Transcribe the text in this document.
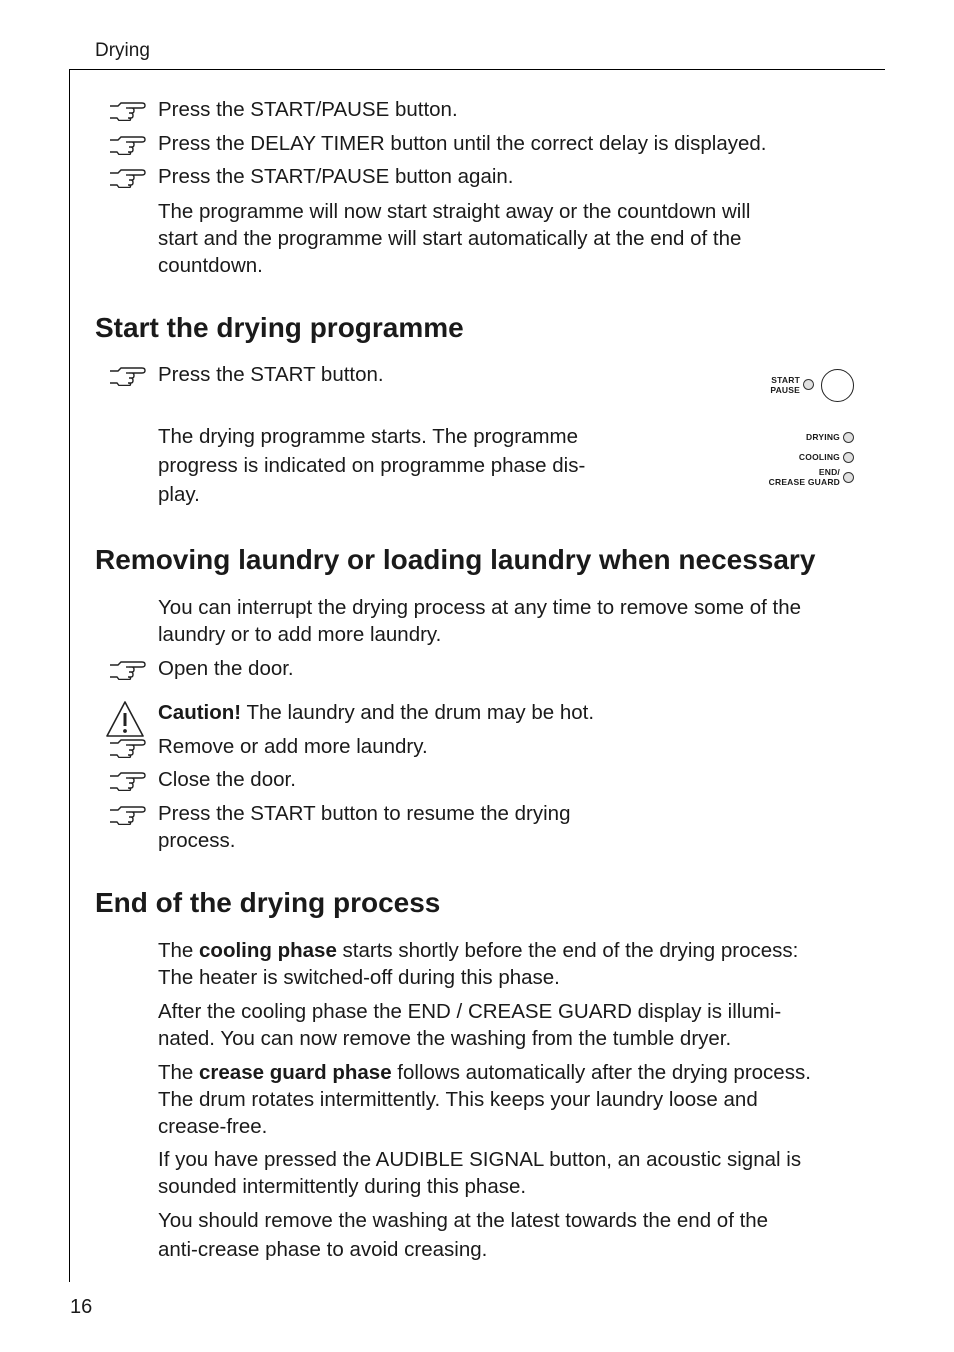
Drying
16
Press the START/PAUSE button.
Press the DELAY TIMER button until the correct delay is displayed.
Press the START/PAUSE button again.
The programme will now start straight away or the countdown will
start and the programme will start automatically at the end of the
countdown.
Start the drying programme
Press the START button.
The drying programme starts. The programme
progress is indicated on programme phase dis-
play.
START
PAUSE
DRYING
COOLING
END/
CREASE GUARD
Removing laundry or loading laundry when necessary
You can interrupt the drying process at any time to remove some of the
laundry or to add more laundry.
Open the door.
Caution! The laundry and the drum may be hot.
Remove or add more laundry.
Close the door.
Press the START button to resume the drying
process.
End of the drying process
The cooling phase starts shortly before the end of the drying process:
The heater is switched-off during this phase.
After the cooling phase the END / CREASE GUARD display is illumi-
nated. You can now remove the washing from the tumble dryer.
The crease guard phase follows automatically after the drying process.
The drum rotates intermittently. This keeps your laundry loose and
crease-free.
If you have pressed the AUDIBLE SIGNAL button, an acoustic signal is
sounded intermittently during this phase.
You should remove the washing at the latest towards the end of the
anti-crease phase to avoid creasing.
